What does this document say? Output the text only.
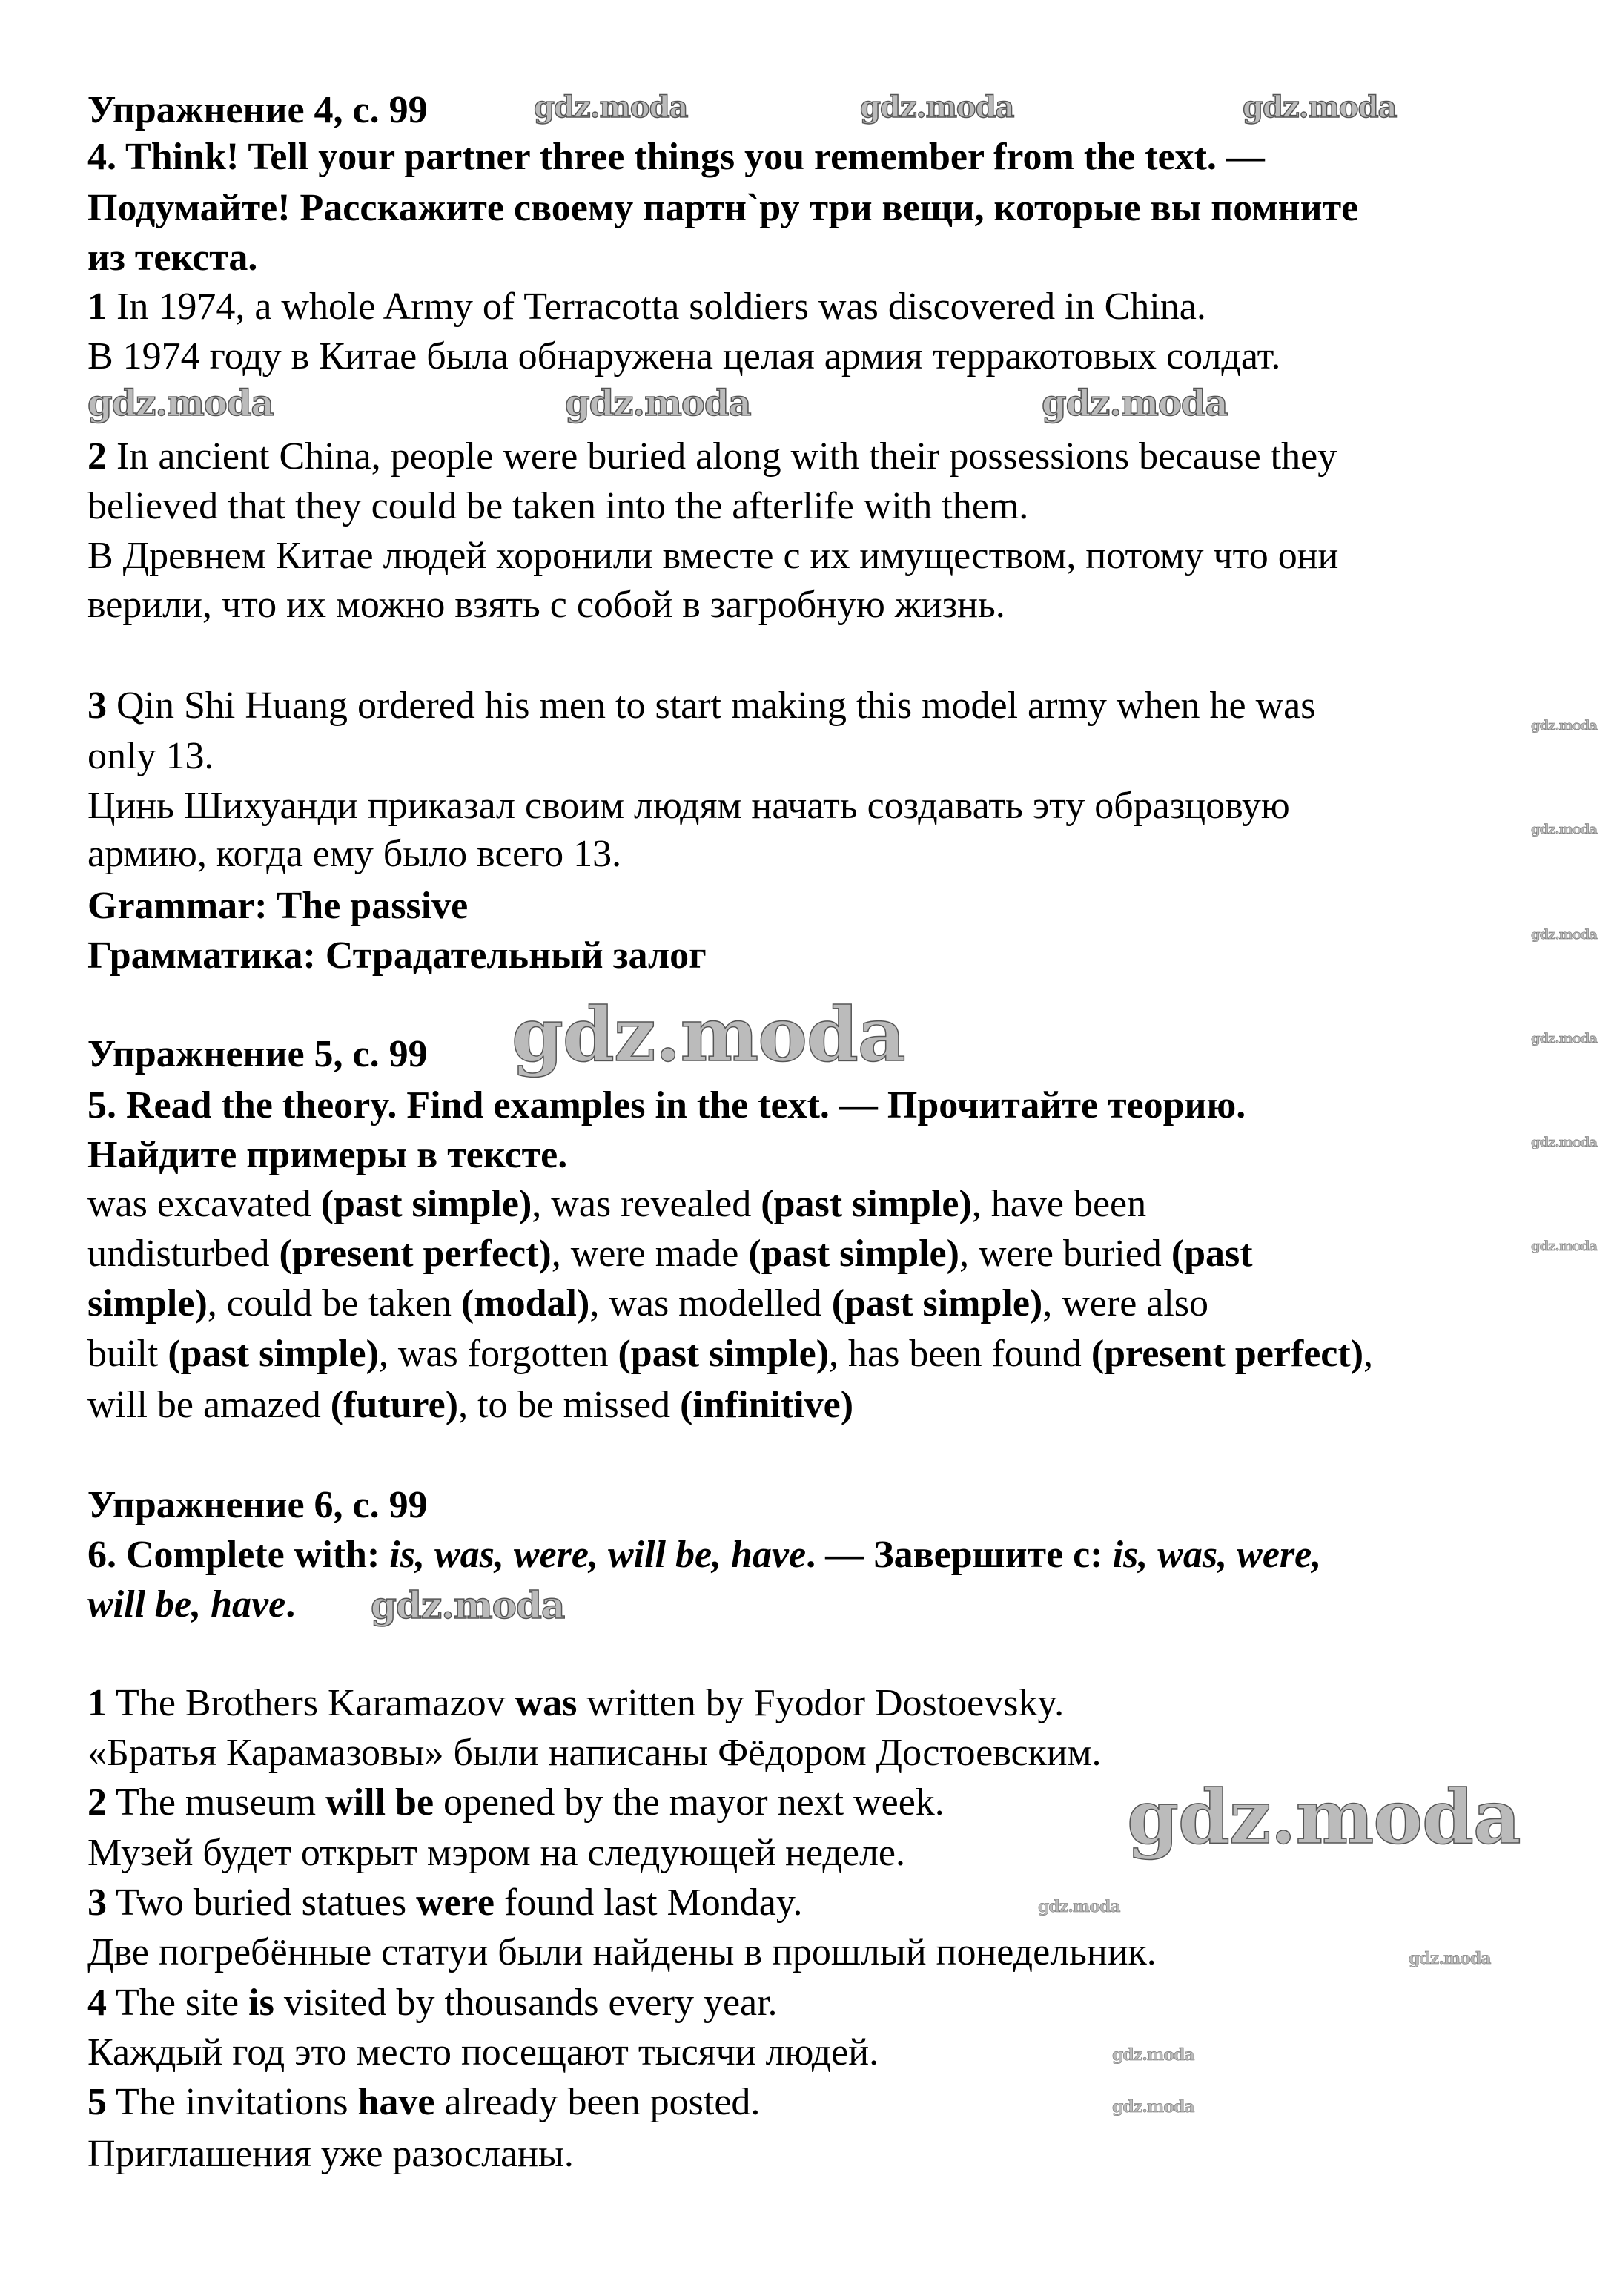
Упражнение 4, с. 99
4. Think! Tell your partner three things you remember from the text. —
Подумайте! Расскажите своему партн`ру три вещи, которые вы помните
из текста.
1 In 1974, a whole Army of Terracotta soldiers was discovered in China.
В 1974 году в Китае была обнаружена целая армия терракотовых солдат.
2 In ancient China, people were buried along with their possessions because they
believed that they could be taken into the afterlife with them.
В Древнем Китае людей хоронили вместе с их имуществом, потому что они
верили, что их можно взять с собой в загробную жизнь.
3 Qin Shi Huang ordered his men to start making this model army when he was
only 13.
Цинь Шихуанди приказал своим людям начать создавать эту образцовую
армию, когда ему было всего 13.
Grammar: The passive
Грамматика: Страдательный залог
Упражнение 5, с. 99
5. Read the theory. Find examples in the text. — Прочитайте теорию.
Найдите примеры в тексте.
was excavated (past simple), was revealed (past simple), have been
undisturbed (present perfect), were made (past simple), were buried (past
simple), could be taken (modal), was modelled (past simple), were also
built (past simple), was forgotten (past simple), has been found (present perfect),
will be amazed (future), to be missed (infinitive)
Упражнение 6, с. 99
6. Complete with: is, was, were, will be, have. — Завершите с: is, was, were,
will be, have.
1 The Brothers Karamazov was written by Fyodor Dostoevsky.
«Братья Карамазовы» были написаны Фёдором Достоевским.
2 The museum will be opened by the mayor next week.
Музей будет открыт мэром на следующей неделе.
3 Two buried statues were found last Monday.
Две погребённые статуи были найдены в прошлый понедельник.
4 The site is visited by thousands every year.
Каждый год это место посещают тысячи людей.
5 The invitations have already been posted.
Приглашения уже разосланы.
gdz.moda	gdz.moda	gdz.moda
gdz.moda	gdz.moda	gdz.moda
gdz.moda
gdz.moda
gdz.moda
gdz.moda
gdz.moda
gdz.moda
gdz.moda
gdz.moda
gdz.moda
gdz.moda
gdz.moda
gdz.moda
gdz.moda
